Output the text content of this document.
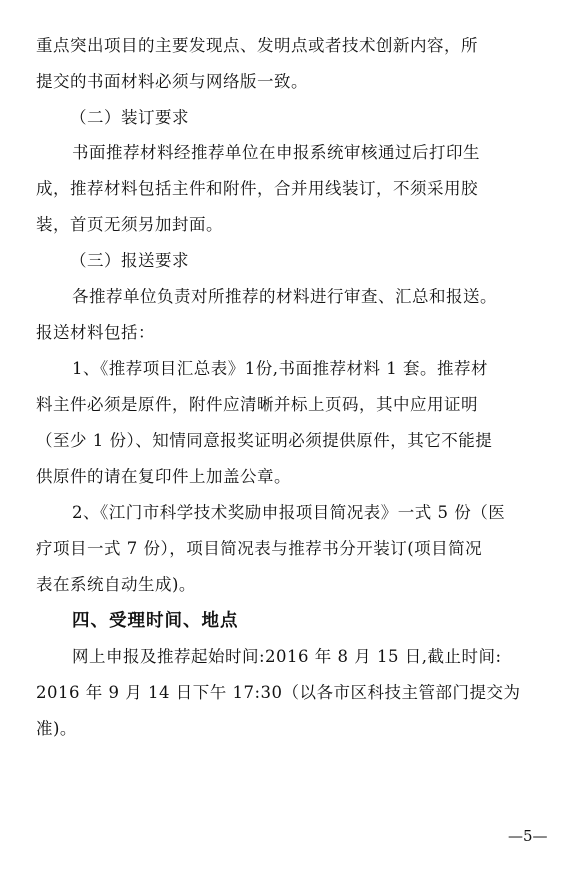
重点突出项目的主要发现点、发明点或者技术创新内容，所
提交的书面材料必须与网络版一致。
（二）装订要求
书面推荐材料经推荐单位在申报系统审核通过后打印生
成，推荐材料包括主件和附件，合并用线装订，不须采用胶
装，首页无须另加封面。
（三）报送要求
各推荐单位负责对所推荐的材料进行审查、汇总和报送。
报送材料包括：
1、《推荐项目汇总表》1份,书面推荐材料 1 套。推荐材
料主件必须是原件，附件应清晰并标上页码，其中应用证明
（至少 1 份）、知情同意报奖证明必须提供原件，其它不能提
供原件的请在复印件上加盖公章。
2、《江门市科学技术奖励申报项目简况表》一式 5 份（医
疗项目一式 7 份），项目简况表与推荐书分开装订(项目简况
表在系统自动生成)。
四、受理时间、地点
网上申报及推荐起始时间:2016 年 8 月 15 日,截止时间:
2016 年 9 月 14 日下午 17:30（以各市区科技主管部门提交为
准)。
—5—
